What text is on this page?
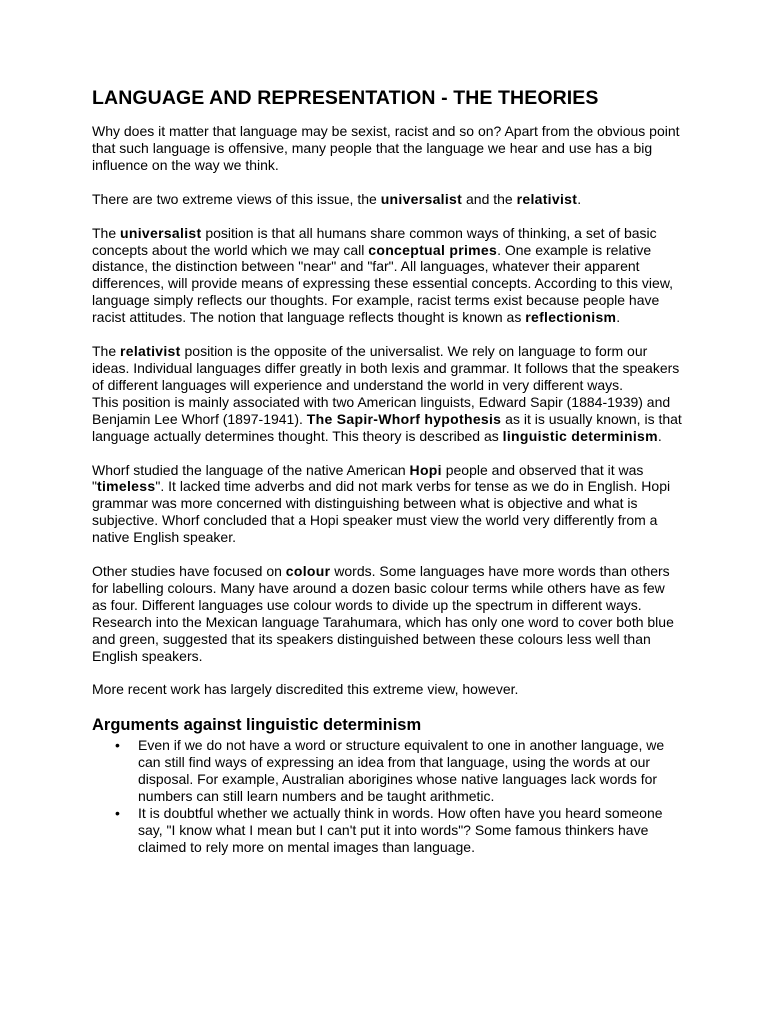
LANGUAGE AND REPRESENTATION - THE THEORIES

Why does it matter that language may be sexist, racist and so on? Apart from the obvious point that such language is offensive, many people that the language we hear and use has a big influence on the way we think.

There are two extreme views of this issue, the universalist and the relativist.

The universalist position is that all humans share common ways of thinking, a set of basic concepts about the world which we may call conceptual primes. One example is relative distance, the distinction between "near" and "far". All languages, whatever their apparent differences, will provide means of expressing these essential concepts. According to this view, language simply reflects our thoughts. For example, racist terms exist because people have racist attitudes. The notion that language reflects thought is known as reflectionism.

The relativist position is the opposite of the universalist. We rely on language to form our ideas. Individual languages differ greatly in both lexis and grammar. It follows that the speakers of different languages will experience and understand the world in very different ways.

This position is mainly associated with two American linguists, Edward Sapir (1884-1939) and Benjamin Lee Whorf (1897-1941). The Sapir-Whorf hypothesis as it is usually known, is that language actually determines thought. This theory is described as linguistic determinism.

Whorf studied the language of the native American Hopi people and observed that it was "timeless". It lacked time adverbs and did not mark verbs for tense as we do in English. Hopi grammar was more concerned with distinguishing between what is objective and what is subjective. Whorf concluded that a Hopi speaker must view the world very differently from a native English speaker.

Other studies have focused on colour words. Some languages have more words than others for labelling colours. Many have around a dozen basic colour terms while others have as few as four. Different languages use colour words to divide up the spectrum in different ways. Research into the Mexican language Tarahumara, which has only one word to cover both blue and green, suggested that its speakers distinguished between these colours less well than English speakers.

More recent work has largely discredited this extreme view, however.

Arguments against linguistic determinism
• Even if we do not have a word or structure equivalent to one in another language, we can still find ways of expressing an idea from that language, using the words at our disposal. For example, Australian aborigines whose native languages lack words for numbers can still learn numbers and be taught arithmetic.
• It is doubtful whether we actually think in words. How often have you heard someone say, "I know what I mean but I can't put it into words"? Some famous thinkers have claimed to rely more on mental images than language.
